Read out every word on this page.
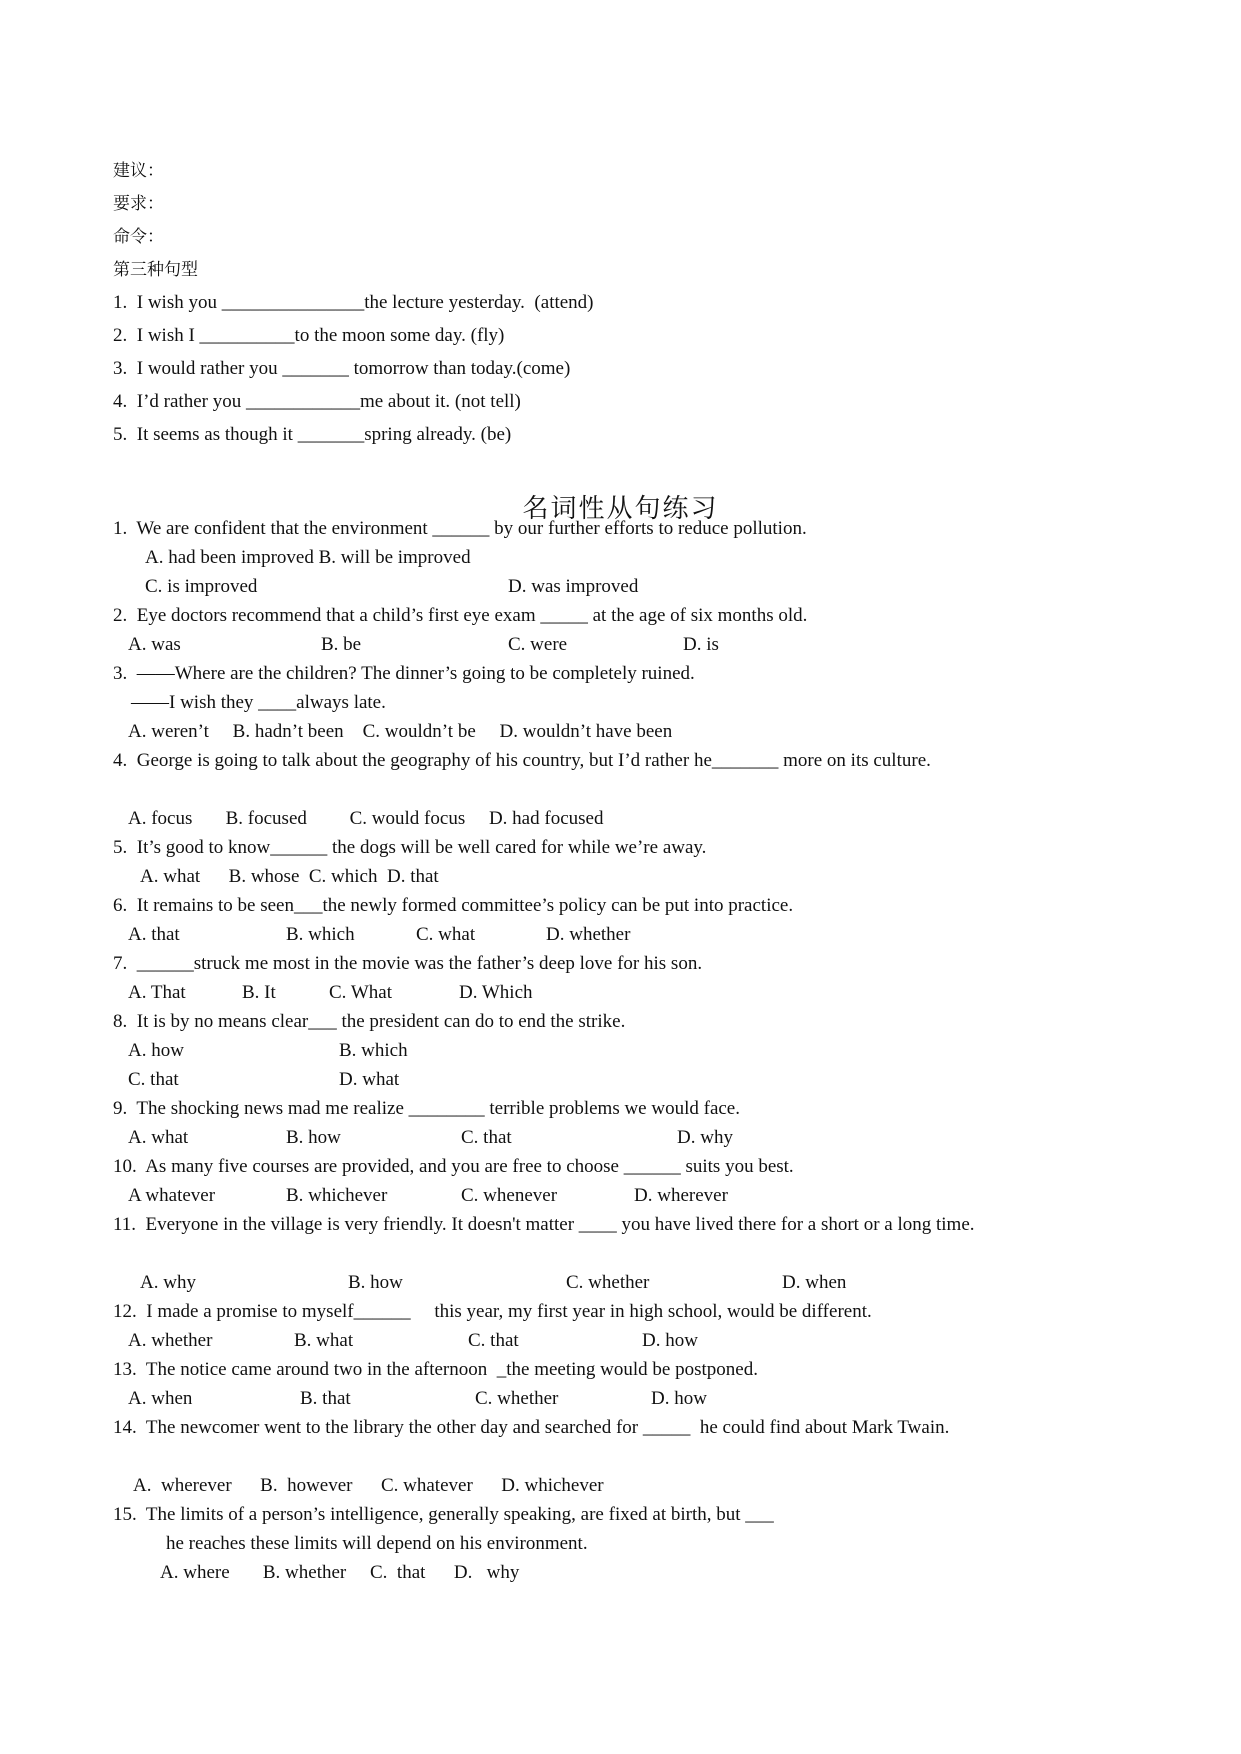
建议：
要求：
命令：
第三种句型
1.  I wish you _______________the lecture yesterday.  (attend)
2.  I wish I __________to the moon some day. (fly)
3.  I would rather you _______ tomorrow than today.(come)
4.  I’d rather you ____________me about it. (not tell)
5.  It seems as though it _______spring already. (be)
名词性从句练习
1.  We are confident that the environment ______ by our further efforts to reduce pollution.
A. had been improved B. will be improved
C. is improved	D. was improved
2.  Eye doctors recommend that a child’s first eye exam _____ at the age of six months old.
A. was	B. be	C. were	D. is
3.  ——Where are the children? The dinner’s going to be completely ruined.
——I wish they ____always late.
A. weren’t     B. hadn’t been    C. wouldn’t be     D. wouldn’t have been
4.  George is going to talk about the geography of his country, but I’d rather he_______ more on its culture.
A. focus       B. focused         C. would focus     D. had focused
5.  It’s good to know______ the dogs will be well cared for while we’re away.
A. what      B. whose  C. which  D. that
6.  It remains to be seen___the newly formed committee’s policy can be put into practice.
A. that	B. which	C. what	D. whether
7.  ______struck me most in the movie was the father’s deep love for his son.
A. That	B. It	C. What	D. Which
8.  It is by no means clear___ the president can do to end the strike.
A. how	B. which
C. that	D. what
9.  The shocking news mad me realize ________ terrible problems we would face.
A. what	B. how	C. that	D. why
10.  As many five courses are provided, and you are free to choose ______ suits you best.
A whatever	B. whichever	C. whenever	D. wherever
11.  Everyone in the village is very friendly. It doesn't matter ____ you have lived there for a short or a long time.
A. why	B. how	C. whether	D. when
12.  I made a promise to myself______     this year, my first year in high school, would be different.
A. whether	B. what	C. that	D. how
13.  The notice came around two in the afternoon  _the meeting would be postponed.
A. when	B. that	C. whether	D. how
14.  The newcomer went to the library the other day and searched for _____  he could find about Mark Twain.
A.  wherever      B.  however      C. whatever      D. whichever
15.  The limits of a person’s intelligence, generally speaking, are fixed at birth, but ___
he reaches these limits will depend on his environment.
A. where       B. whether     C.  that      D.   why
